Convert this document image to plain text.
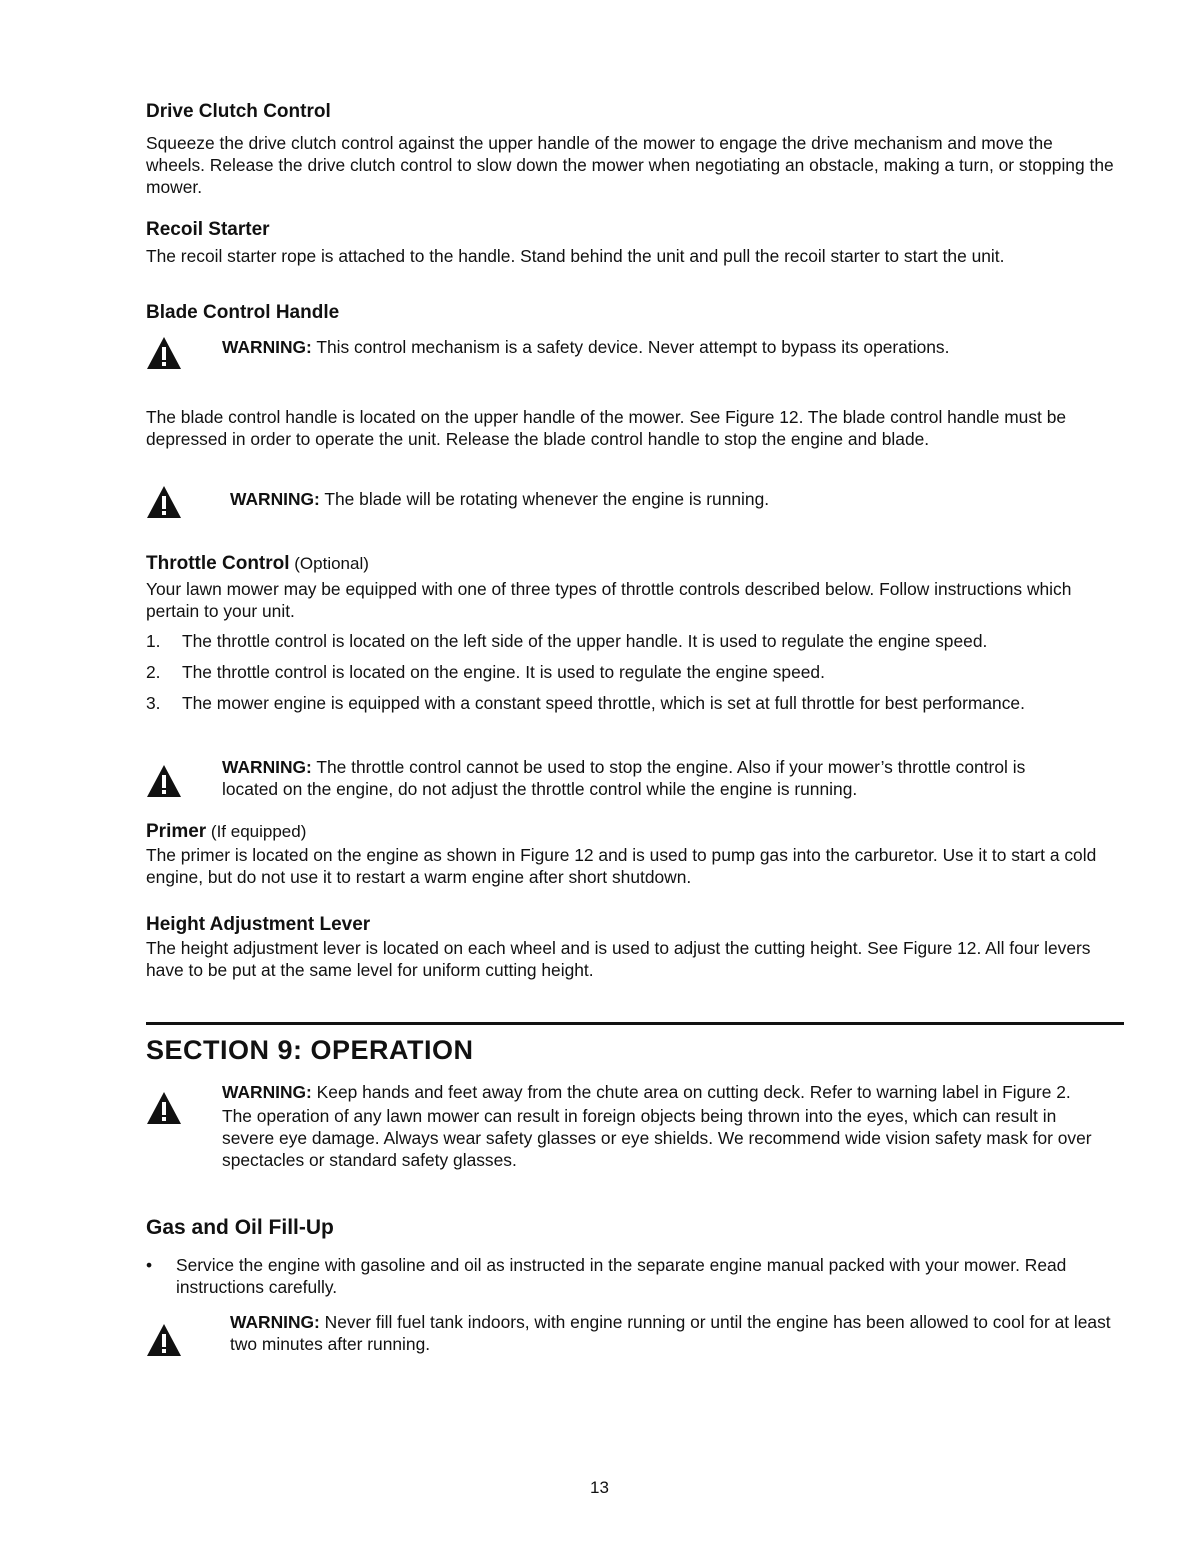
Drive Clutch Control

Squeeze the drive clutch control against the upper handle of the mower to engage the drive mechanism and move the wheels. Release the drive clutch control to slow down the mower when negotiating an obstacle, making a turn, or stopping the mower.

Recoil Starter

The recoil starter rope is attached to the handle. Stand behind the unit and pull the recoil starter to start the unit.

Blade Control Handle
WARNING: This control mechanism is a safety device. Never attempt to bypass its operations.

The blade control handle is located on the upper handle of the mower. See Figure 12. The blade control handle must be depressed in order to operate the unit. Release the blade control handle to stop the engine and blade.

WARNING: The blade will be rotating whenever the engine is running.
Throttle Control (Optional)

Your lawn mower may be equipped with one of three types of throttle controls described below. Follow instructions which pertain to your unit.

1. The throttle control is located on the left side of the upper handle. It is used to regulate the engine speed.
2. The throttle control is located on the engine. It is used to regulate the engine speed.
3. The mower engine is equipped with a constant speed throttle, which is set at full throttle for best performance.
WARNING: The throttle control cannot be used to stop the engine. Also if your mower’s throttle control is located on the engine, do not adjust the throttle control while the engine is running.
Primer (If equipped)

The primer is located on the engine as shown in Figure 12 and is used to pump gas into the carburetor. Use it to start a cold engine, but do not use it to restart a warm engine after short shutdown.

Height Adjustment Lever

The height adjustment lever is located on each wheel and is used to adjust the cutting height. See Figure 12. All four levers have to be put at the same level for uniform cutting height.

SECTION 9: OPERATION
WARNING: Keep hands and feet away from the chute area on cutting deck. Refer to warning label in Figure 2.
The operation of any lawn mower can result in foreign objects being thrown into the eyes, which can result in severe eye damage. Always wear safety glasses or eye shields. We recommend wide vision safety mask for over spectacles or standard safety glasses.
Gas and Oil Fill-Up
• Service the engine with gasoline and oil as instructed in the separate engine manual packed with your mower. Read instructions carefully.
WARNING: Never fill fuel tank indoors, with engine running or until the engine has been allowed to cool for at least two minutes after running.
13
